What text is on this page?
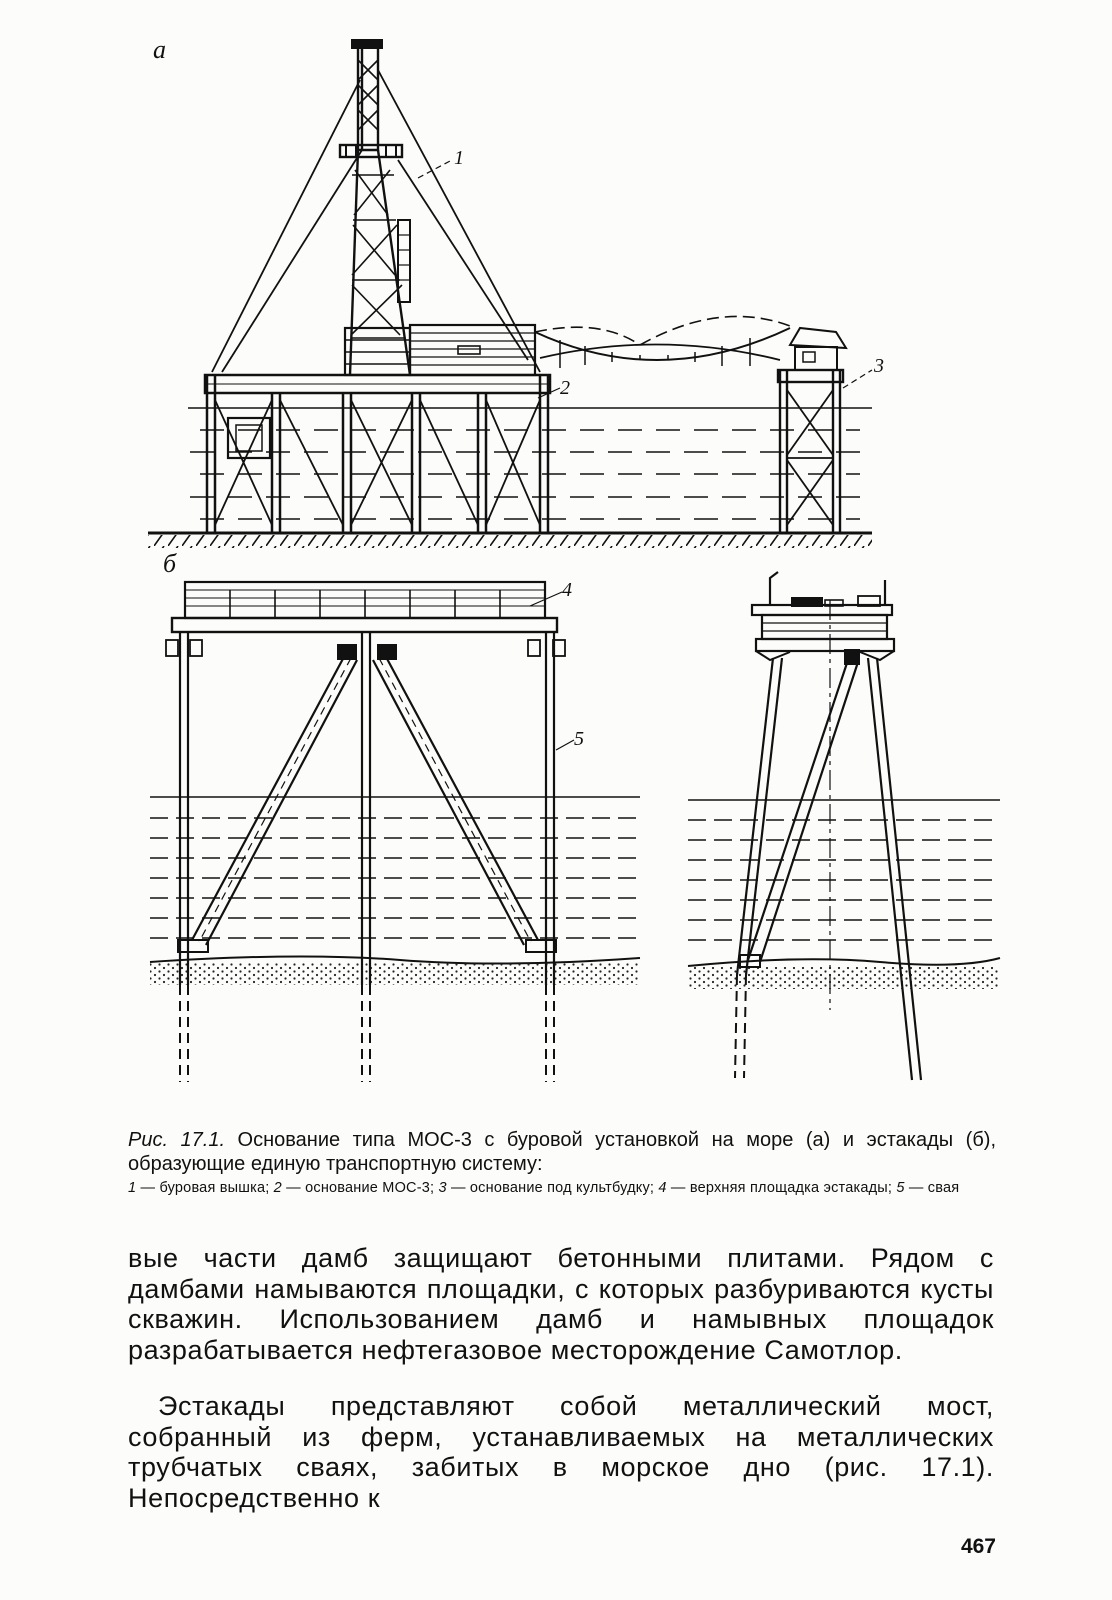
а
1
2
3
б
4
5
Рис. 17.1. Основание типа МОС-3 с буровой установкой на море (а) и эстакады (б), образующие единую транспортную систему:
1 — буровая вышка; 2 — основание МОС-3; 3 — основание под культбудку; 4 — верхняя площадка эстакады; 5 — свая
вые части дамб защищают бетонными плитами. Рядом с дамбами намываются площадки, с которых разбуриваются кусты скважин. Использованием дамб и намывных площадок разрабатывается нефтегазовое месторождение Самотлор.
Эстакады представляют собой металлический мост, собранный из ферм, устанавливаемых на металлических трубчатых сваях, забитых в морское дно (рис. 17.1). Непосредственно к
467
